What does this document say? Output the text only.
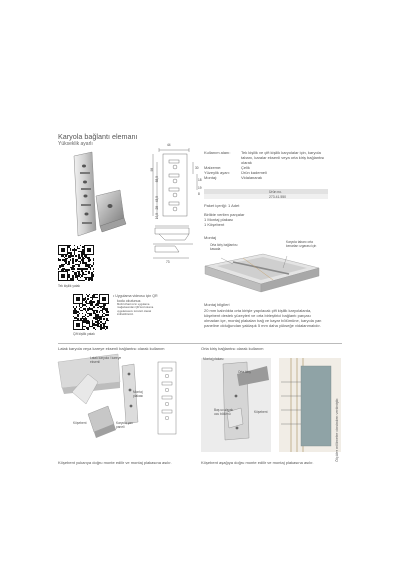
Karyola bağlantı elemanı
Yükseklik ayarlı	44
98
83,5
43,5
28
16,5
30
18
19
8
73
Kullanım alanı:	Tek kişilik ve çift kişilik karyolalar için, karyola tabanı, karalar eksenli veya orta kiriş bağlantısı olarak
Malzeme:	Çelik
Yüzeylik ayarı:	Ürün kademeli
Montaj:	Vidalanarak
	Ürün no.
	273.41.550
Paket içeriği: 1 Adet
Birlikte verilen parçalar
1 Montaj plakası
1 Köşebent
Montaj
Orta kiriş bağlantısı kasada
Karyola tabanı orta kenarları ızgarası için
Montaj bilgileri
20 mm kalınlıkta orta kirişle yapılacak çift kişilik karyolalarda,
köşebent destek yüzeyleri ve orta birleştirici bağlantı parçası
olmadan içe, montaj plakaları bağ ve kayar bölümüne, karyola yan
paneline olduğundan yaklaşık 5 mm daha yükseğe vidalanmalıdır.
Tek kişilik yatak
Çift kişilik yatak
• Uygulama videosu için QR
kodu okutunuz.
Mobil cihazınızın uygulama
mağazasından QR kod okuma
uygulamasını ücretsiz olarak
indirebilirsiniz.
Latak karyola veya kareye eksenli bağlantısı olarak kullanım
Latak karyola / kareye eksenli
Montaj plakası
Köşebent	Karyola yan paneli
Köşebent yukarıya doğru monte edilir ve montaj plakasına asılır.
Orta kiriş bağlantısı olarak kullanım
Montaj plakası
Orta kiriş
Baş ucu/ayak ucu bölümü	Köşebent
Köşebent aşağıya doğru monte edilir ve montaj plakasına asılır.
Ölçüler millimetre cinsinden verilmiştir.
